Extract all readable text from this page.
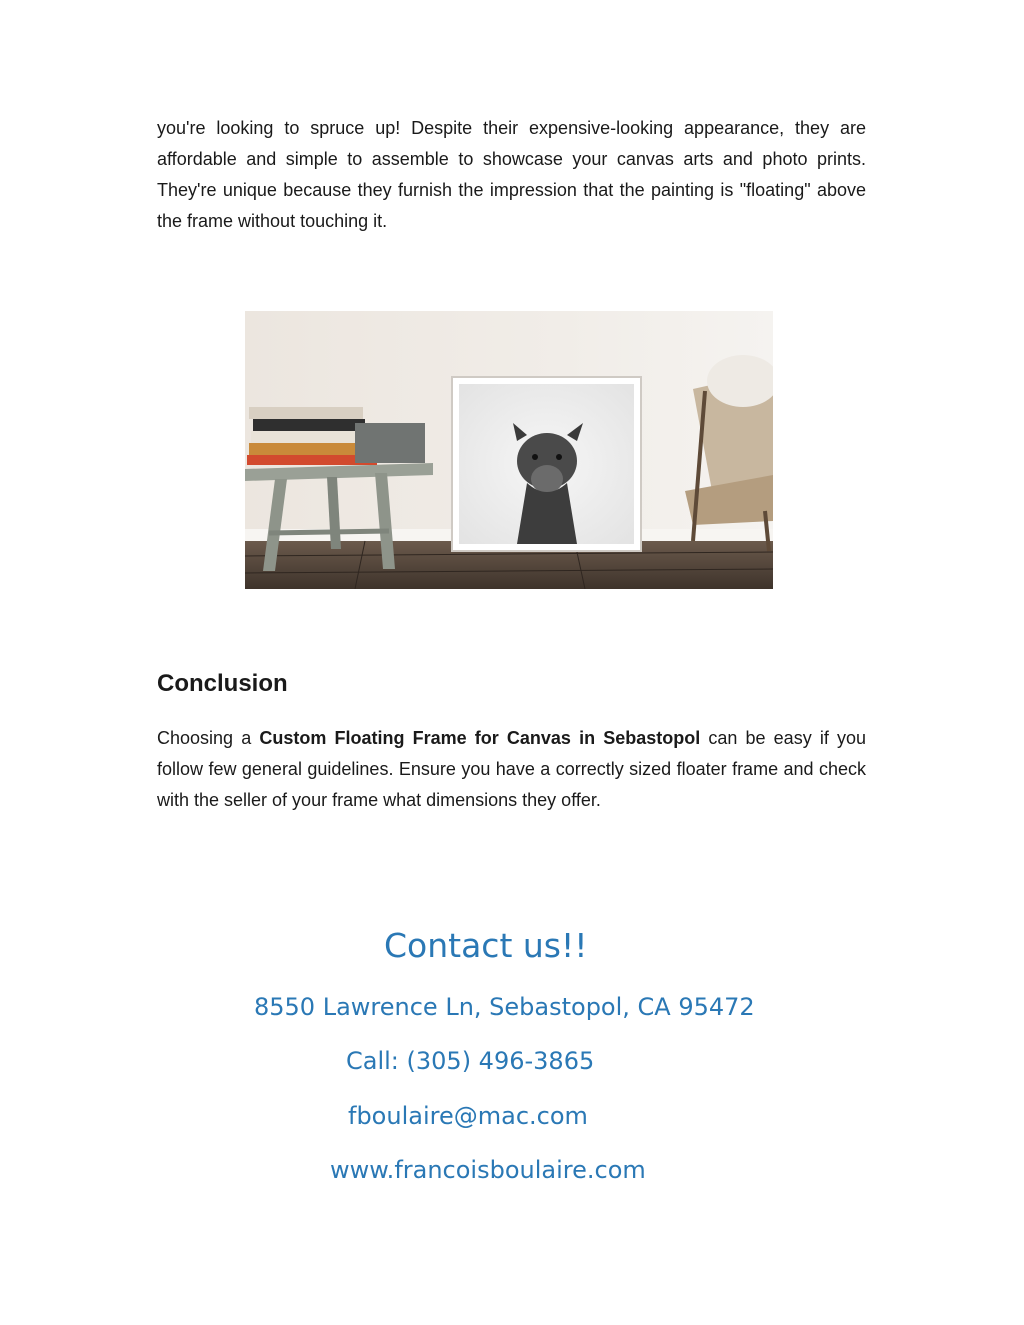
you're looking to spruce up! Despite their expensive-looking appearance, they are affordable and simple to assemble to showcase your canvas arts and photo prints. They're unique because they furnish the impression that the painting is "floating" above the frame without touching it.

Conclusion

Choosing a Custom Floating Frame for Canvas in Sebastopol can be easy if you follow few general guidelines. Ensure you have a correctly sized floater frame and check with the seller of your frame what dimensions they offer.

Contact us!!
8550 Lawrence Ln, Sebastopol, CA 95472
Call: (305) 496-3865
fboulaire@mac.com
www.francoisboulaire.com
